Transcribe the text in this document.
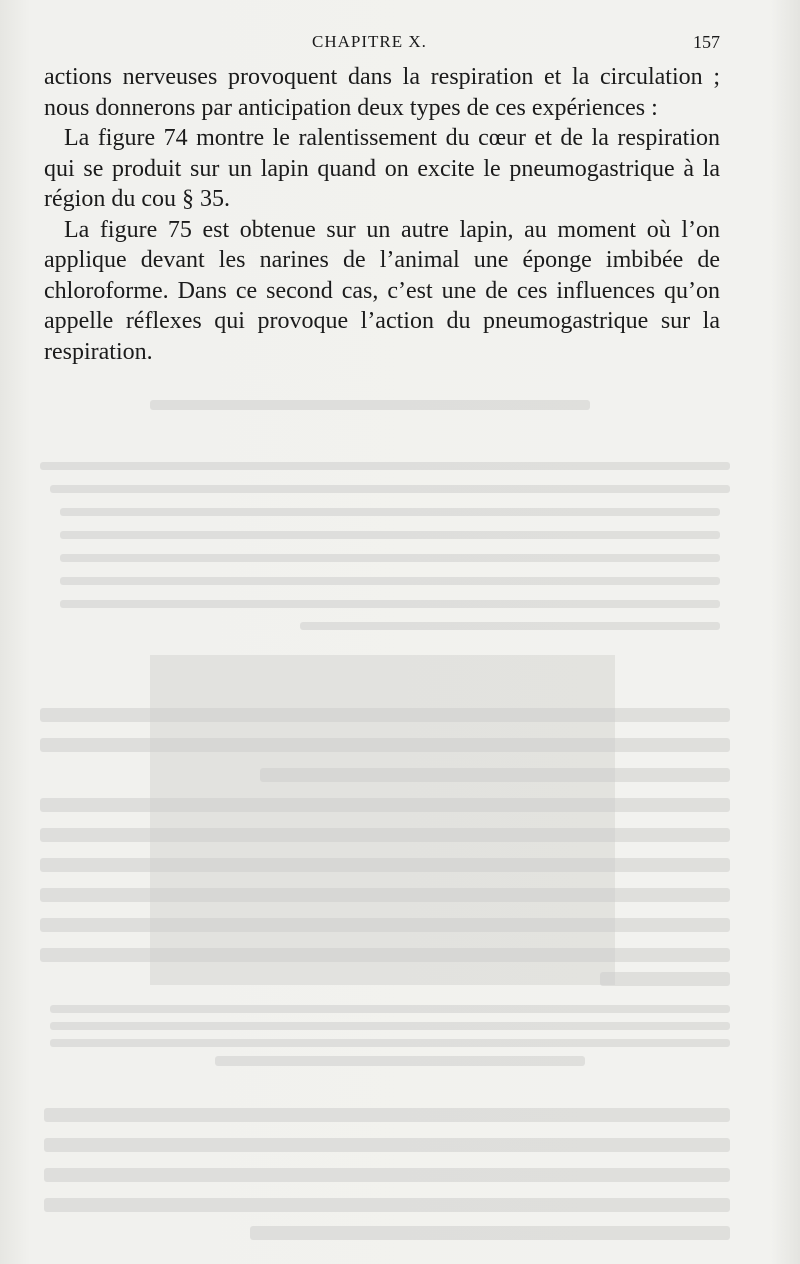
CHAPITRE X.	157

actions nerveuses provoquent dans la respiration et la circulation ; nous donnerons par anticipation deux types de ces expériences :

La figure 74 montre le ralentissement du cœur et de la respiration qui se produit sur un lapin quand on excite le pneumogastrique à la région du cou § 35.

La figure 75 est obtenue sur un autre lapin, au moment où l’on applique devant les narines de l’animal une éponge imbibée de chloroforme. Dans ce second cas, c’est une de ces influences qu’on appelle réflexes qui provoque l’action du pneumogastrique sur la respiration.
